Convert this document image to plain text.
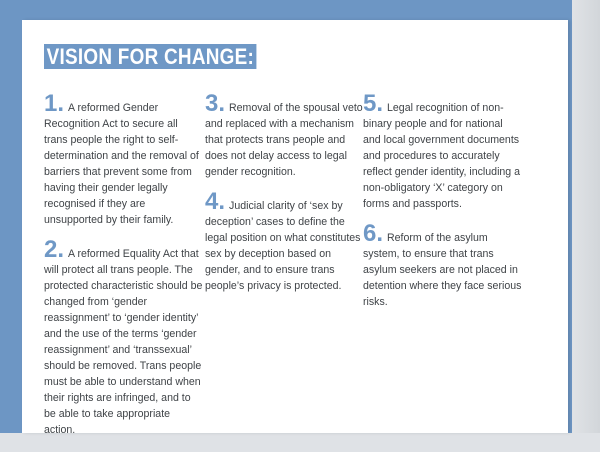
VISION FOR CHANGE:

1. A reformed Gender Recognition Act to secure all trans people the right to self-determination and the removal of barriers that prevent some from having their gender legally recognised if they are unsupported by their family.

2. A reformed Equality Act that will protect all trans people. The protected characteristic should be changed from ‘gender reassignment’ to ‘gender identity’ and the use of the terms ‘gender reassignment’ and ‘transsexual’ should be removed. Trans people must be able to understand when their rights are infringed, and to be able to take appropriate action.

3. Removal of the spousal veto and replaced with a mechanism that protects trans people and does not delay access to legal gender recognition.

4. Judicial clarity of ‘sex by deception’ cases to define the legal position on what constitutes sex by deception based on gender, and to ensure trans people’s privacy is protected.

5. Legal recognition of non-binary people and for national and local government documents and procedures to accurately reflect gender identity, including a non-obligatory ‘X’ category on forms and passports.

6. Reform of the asylum system, to ensure that trans asylum seekers are not placed in detention where they face serious risks.
